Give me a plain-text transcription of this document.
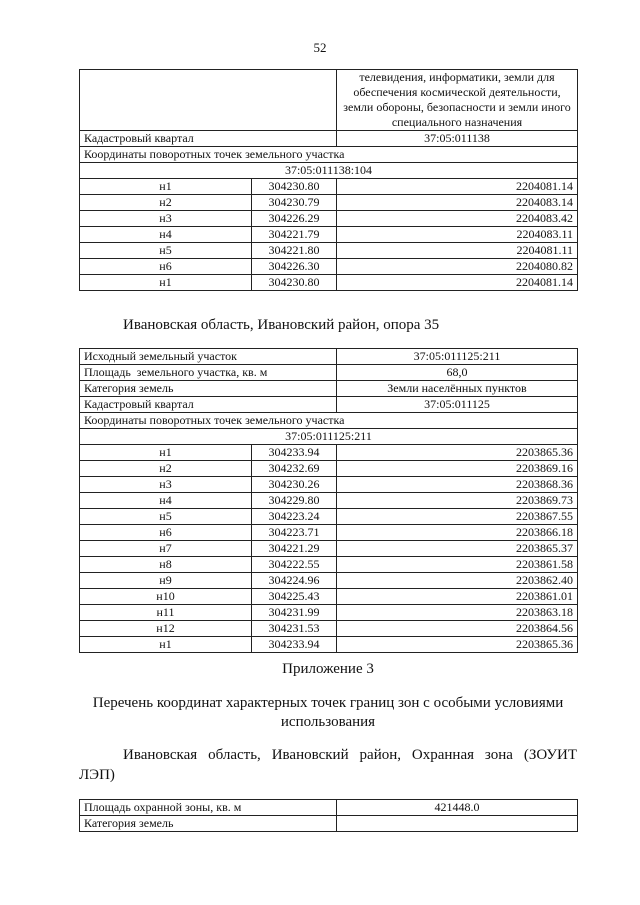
52
		телевидения, информатики, земли для обеспечения космической деятельности, земли обороны, безопасности и земли иного специального назначения
Кадастровый квартал		37:05:011138
Координаты поворотных точек земельного участка		
37:05:011138:104		
н1	304230.80	2204081.14
н2	304230.79	2204083.14
н3	304226.29	2204083.42
н4	304221.79	2204083.11
н5	304221.80	2204081.11
н6	304226.30	2204080.82
н1	304230.80	2204081.14
Ивановская область, Ивановский район, опора 35
Исходный земельный участок		37:05:011125:211
Площадь  земельного участка, кв. м		68,0
Категория земель		Земли населённых пунктов
Кадастровый квартал		37:05:011125
Координаты поворотных точек земельного участка		
37:05:011125:211		
н1	304233.94	2203865.36
н2	304232.69	2203869.16
н3	304230.26	2203868.36
н4	304229.80	2203869.73
н5	304223.24	2203867.55
н6	304223.71	2203866.18
н7	304221.29	2203865.37
н8	304222.55	2203861.58
н9	304224.96	2203862.40
н10	304225.43	2203861.01
н11	304231.99	2203863.18
н12	304231.53	2203864.56
н1	304233.94	2203865.36
Приложение 3
Перечень координат характерных точек границ зон с особыми условиями
использования
Ивановская  область,  Ивановский  район,  Охранная  зона  (ЗОУИТ
ЛЭП)
Площадь охранной зоны, кв. м	421448.0
Категория земель	
